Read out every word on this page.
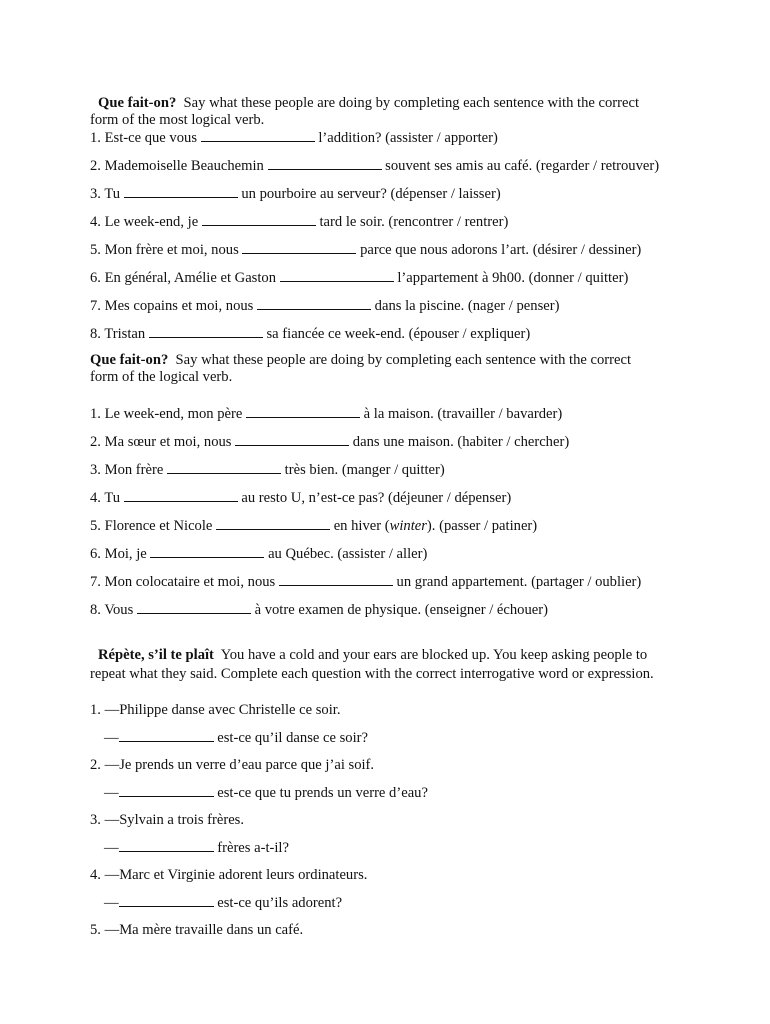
Que fait-on? Say what these people are doing by completing each sentence with the correct

form of the most logical verb.

1. Est-ce que vous	l’addition? (assister / apporter)

2. Mademoiselle Beauchemin	souvent ses amis au café. (regarder / retrouver)

3. Tu	un pourboire au serveur? (dépenser / laisser)

4. Le week-end, je	tard le soir. (rencontrer / rentrer)

5. Mon frère et moi, nous	parce que nous adorons l’art. (désirer / dessiner)

6. En général, Amélie et Gaston	l’appartement à 9h00. (donner / quitter)

7. Mes copains et moi, nous	dans la piscine. (nager / penser)

8. Tristan	sa fiancée ce week-end. (épouser / expliquer)

Que fait-on? Say what these people are doing by completing each sentence with the correct

form of the logical verb.

1. Le week-end, mon père	à la maison. (travailler / bavarder)

2. Ma sœur et moi, nous	dans une maison. (habiter / chercher)

3. Mon frère	très bien. (manger / quitter)

4. Tu	au resto U, n’est-ce pas? (déjeuner / dépenser)

5. Florence et Nicole	en hiver (winter). (passer / patiner)

6. Moi, je	au Québec. (assister / aller)

7. Mon colocataire et moi, nous	un grand appartement. (partager / oublier)

8. Vous	à votre examen de physique. (enseigner / échouer)

Répète, s’il te plaît You have a cold and your ears are blocked up. You keep asking people to

repeat what they said. Complete each question with the correct interrogative word or expression.

1. —Philippe danse avec Christelle ce soir.

—	est-ce qu’il danse ce soir?

2. —Je prends un verre d’eau parce que j’ai soif.

—	est-ce que tu prends un verre d’eau?

3. —Sylvain a trois frères.

—	frères a-t-il?

4. —Marc et Virginie adorent leurs ordinateurs.

—	est-ce qu’ils adorent?

5. —Ma mère travaille dans un café.
